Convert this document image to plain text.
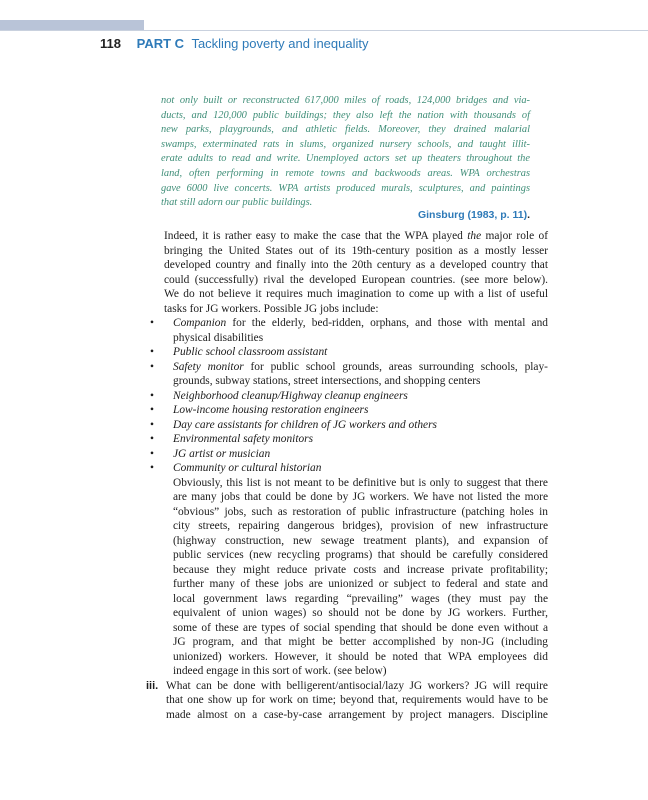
118 PART C Tackling poverty and inequality
not only built or reconstructed 617,000 miles of roads, 124,000 bridges and via-
ducts, and 120,000 public buildings; they also left the nation with thousands of
new parks, playgrounds, and athletic fields. Moreover, they drained malarial
swamps, exterminated rats in slums, organized nursery schools, and taught illit-
erate adults to read and write. Unemployed actors set up theaters throughout the
land, often performing in remote towns and backwoods areas. WPA orchestras
gave 6000 live concerts. WPA artists produced murals, sculptures, and paintings
that still adorn our public buildings.
Ginsburg (1983, p. 11).
Indeed, it is rather easy to make the case that the WPA played the major role of
bringing the United States out of its 19th-century position as a mostly lesser
developed country and finally into the 20th century as a developed country that
could (successfully) rival the developed European countries. (see more below).
We do not believe it requires much imagination to come up with a list of useful
tasks for JG workers. Possible JG jobs include:
• Companion for the elderly, bed-ridden, orphans, and those with mental and
physical disabilities
• Public school classroom assistant
• Safety monitor for public school grounds, areas surrounding schools, play-
grounds, subway stations, street intersections, and shopping centers
• Neighborhood cleanup/Highway cleanup engineers
• Low-income housing restoration engineers
• Day care assistants for children of JG workers and others
• Environmental safety monitors
• JG artist or musician
• Community or cultural historian
Obviously, this list is not meant to be definitive but is only to suggest that there
are many jobs that could be done by JG workers. We have not listed the more
“obvious” jobs, such as restoration of public infrastructure (patching holes in
city streets, repairing dangerous bridges), provision of new infrastructure
(highway construction, new sewage treatment plants), and expansion of
public services (new recycling programs) that should be carefully considered
because they might reduce private costs and increase private profitability;
further many of these jobs are unionized or subject to federal and state and
local government laws regarding “prevailing” wages (they must pay the
equivalent of union wages) so should not be done by JG workers. Further,
some of these are types of social spending that should be done even without a
JG program, and that might be better accomplished by non-JG (including
unionized) workers. However, it should be noted that WPA employees did
indeed engage in this sort of work. (see below)
iii. What can be done with belligerent/antisocial/lazy JG workers? JG will require
that one show up for work on time; beyond that, requirements would have to be
made almost on a case-by-case arrangement by project managers. Discipline
